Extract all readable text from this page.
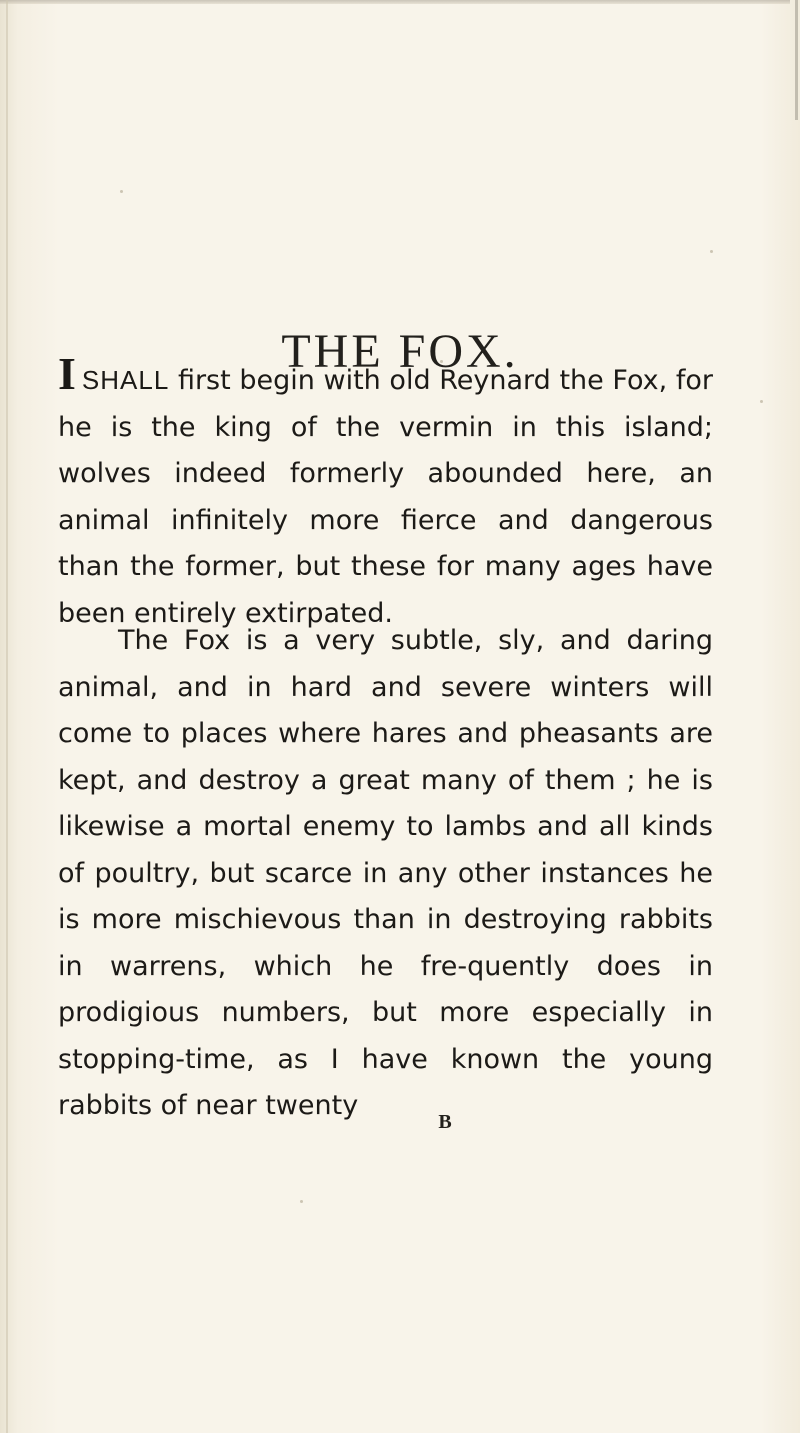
THE FOX.

ISHALL first begin with old Reynard the Fox, for he is the king of the vermin in this island; wolves indeed formerly abounded here, an animal infinitely more fierce and dangerous than the former, but these for many ages have been entirely extirpated.

The Fox is a very subtle, sly, and daring animal, and in hard and severe winters will come to places where hares and pheasants are kept, and destroy a great many of them ; he is likewise a mortal enemy to lambs and all kinds of poultry, but scarce in any other instances he is more mischievous than in destroying rabbits in warrens, which he fre-quently does in prodigious numbers, but more especially in stopping-time, as I have known the young rabbits of near twenty

B
